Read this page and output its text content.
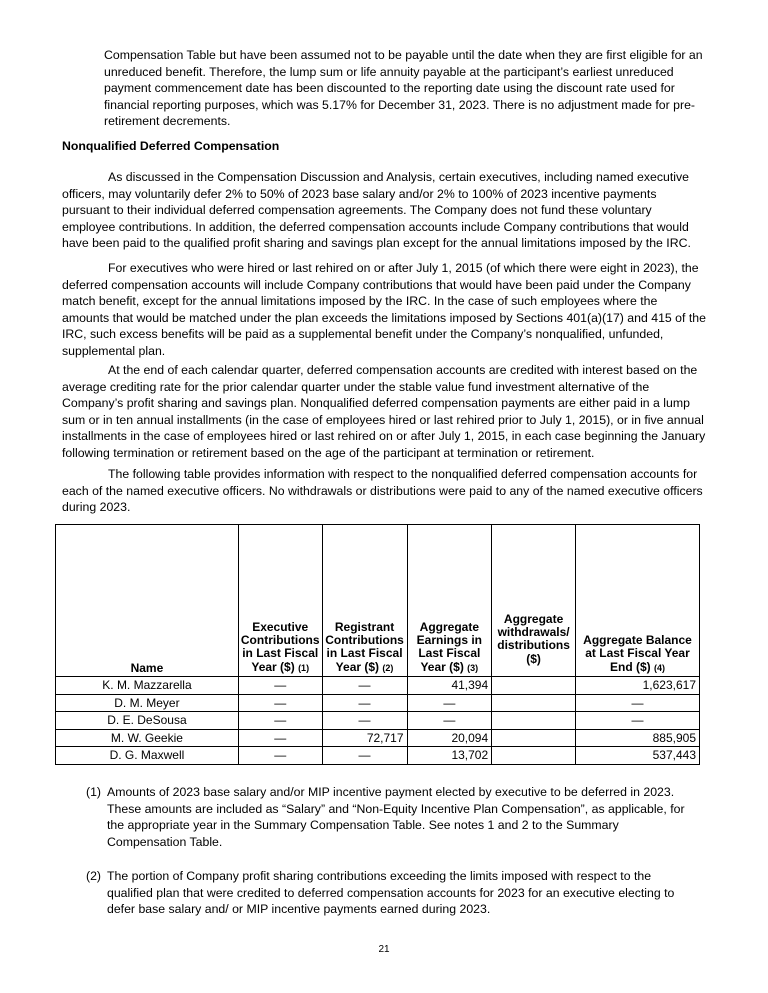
Compensation Table but have been assumed not to be payable until the date when they are first eligible for an unreduced benefit. Therefore, the lump sum or life annuity payable at the participant’s earliest unreduced payment commencement date has been discounted to the reporting date using the discount rate used for financial reporting purposes, which was 5.17% for December 31, 2023. There is no adjustment made for pre-retirement decrements.

Nonqualified Deferred Compensation

As discussed in the Compensation Discussion and Analysis, certain executives, including named executive officers, may voluntarily defer 2% to 50% of 2023 base salary and/or 2% to 100% of 2023 incentive payments pursuant to their individual deferred compensation agreements. The Company does not fund these voluntary employee contributions. In addition, the deferred compensation accounts include Company contributions that would have been paid to the qualified profit sharing and savings plan except for the annual limitations imposed by the IRC.

For executives who were hired or last rehired on or after July 1, 2015 (of which there were eight in 2023), the deferred compensation accounts will include Company contributions that would have been paid under the Company match benefit, except for the annual limitations imposed by the IRC. In the case of such employees where the amounts that would be matched under the plan exceeds the limitations imposed by Sections 401(a)(17) and 415 of the IRC, such excess benefits will be paid as a supplemental benefit under the Company’s nonqualified, unfunded, supplemental plan.

At the end of each calendar quarter, deferred compensation accounts are credited with interest based on the average crediting rate for the prior calendar quarter under the stable value fund investment alternative of the Company’s profit sharing and savings plan. Nonqualified deferred compensation payments are either paid in a lump sum or in ten annual installments (in the case of employees hired or last rehired prior to July 1, 2015), or in five annual installments in the case of employees hired or last rehired on or after July 1, 2015, in each case beginning the January following termination or retirement based on the age of the participant at termination or retirement.

The following table provides information with respect to the nonqualified deferred compensation accounts for each of the named executive officers. No withdrawals or distributions were paid to any of the named executive officers during 2023.

Name	Executive Contributions in Last Fiscal Year ($) (1)	Registrant Contributions in Last Fiscal Year ($) (2)	Aggregate Earnings in Last Fiscal Year ($) (3)	Aggregate withdrawals/ distributions ($)	Aggregate Balance at Last Fiscal Year End ($) (4)
K. M. Mazzarella	—	—	41,394		1,623,617
D. M. Meyer	—	—	—		—
D. E. DeSousa	—	—	—		—
M. W. Geekie	—	72,717	20,094		885,905
D. G. Maxwell	—	—	13,702		537,443
(1) Amounts of 2023 base salary and/or MIP incentive payment elected by executive to be deferred in 2023. These amounts are included as “Salary” and “Non-Equity Incentive Plan Compensation”, as applicable, for the appropriate year in the Summary Compensation Table. See notes 1 and 2 to the Summary Compensation Table.
(2) The portion of Company profit sharing contributions exceeding the limits imposed with respect to the qualified plan that were credited to deferred compensation accounts for 2023 for an executive electing to defer base salary and/ or MIP incentive payments earned during 2023.
21
